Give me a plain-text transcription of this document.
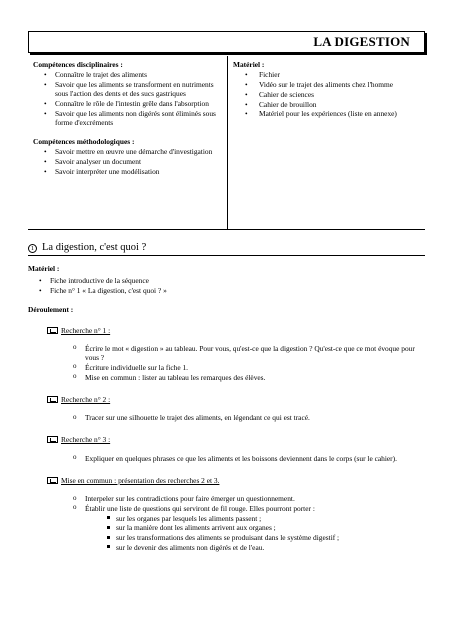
LA DIGESTION
Compétences disciplinaires :
• Connaître le trajet des aliments
• Savoir que les aliments se transforment en nutriments sous l'action des dents et des sucs gastriques
• Connaître le rôle de l'intestin grêle dans l'absorption
• Savoir que les aliments non digérés sont éliminés sous forme d'excréments
Compétences méthodologiques :
• Savoir mettre en œuvre une démarche d'investigation
• Savoir analyser un document
• Savoir interpréter une modélisation
Matériel :
• Fichier
• Vidéo sur le trajet des aliments chez l'homme
• Cahier de sciences
• Cahier de brouillon
• Matériel pour les expériences (liste en annexe)
1 La digestion, c'est quoi ?
Matériel :
• Fiche introductive de la séquence
• Fiche n° 1 « La digestion, c'est quoi ? »
Déroulement :
Recherche n° 1 :
o Écrire le mot « digestion » au tableau. Pour vous, qu'est-ce que la digestion ? Qu'est-ce que ce mot évoque pour vous ?
o Écriture individuelle sur la fiche 1.
o Mise en commun : lister au tableau les remarques des élèves.
Recherche n° 2 :
o Tracer sur une silhouette le trajet des aliments, en légendant ce qui est tracé.
Recherche n° 3 :
o Expliquer en quelques phrases ce que les aliments et les boissons deviennent dans le corps (sur le cahier).
Mise en commun : présentation des recherches 2 et 3.
o Interpeler sur les contradictions pour faire émerger un questionnement.
o Établir une liste de questions qui serviront de fil rouge. Elles pourront porter :
sur les organes par lesquels les aliments passent ;
sur la manière dont les aliments arrivent aux organes ;
sur les transformations des aliments se produisant dans le système digestif ;
sur le devenir des aliments non digérés et de l'eau.
